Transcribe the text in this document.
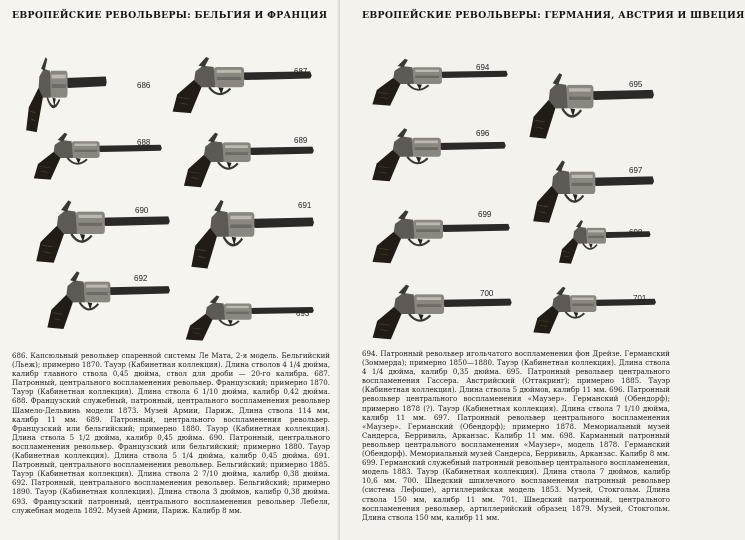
ЕВРОПЕЙСКИЕ РЕВОЛЬВЕРЫ: БЕЛЬГИЯ И ФРАНЦИЯ
686
687
688	689
690
691
692
693

686. Капсюльный револьвер спаренной системы Ле Мата, 2-я модель. Бельгийский (Льеж); примерно 1870. Тауэр (Кабинетная коллекция). Длина стволов 4 1/4 дюйма, калибр главного ствола 0,45 дюйма, ствол для дроби — 20-го калибра. 687. Патронный, центрального воспламенения револьвер. Французский; примерно 1870. Тауэр (Кабинетная коллекция). Длина ствола 6 1/10 дюйма, калибр 0,42 дюйма. 688. Французский служебный, патронный, центрального воспламенения револьвер Шамело-Дельвинь модели 1873. Музей Армии, Париж. Длина ствола 114 мм, калибр 11 мм. 689. Патронный, центрального воспламенения револьвер. Французский или бельгийский; примерно 1880. Тауэр (Кабинетная коллекция). Длина ствола 5 1/2 дюйма, калибр 0,45 дюйма. 690. Патронный, центрального воспламенения револьвер. Французский или бельгийский; примерно 1880. Тауэр (Кабинетная коллекция). Длина ствола 5 1/4 дюйма, калибр 0,45 дюйма. 691. Патронный, центрального воспламенения револьвер. Бельгийский; примерно 1885. Тауэр (Кабинетная коллекция). Длина ствола 2 7/10 дюйма, калибр 0,38 дюйма. 692. Патронный, центрального воспламенения револьвер. Бельгийский; примерно 1890. Тауэр (Кабинетная коллекция). Длина ствола 3 дюймов, калибр 0,38 дюйма. 693. Французский патронный, центрального воспламенения револьвер Лебеля, служебная модель 1892. Музей Армии, Париж. Калибр 8 мм.

ЕВРОПЕЙСКИЕ РЕВОЛЬВЕРЫ: ГЕРМАНИЯ, АВСТРИЯ И ШВЕЦИЯ
694
695
696
697
699
698
700
701

694. Патронный револьвер игольчатого воспламенения фон Дрейзе. Германский (Зоммерда); примерно 1850—1880. Тауэр (Кабинетная коллекция). Длина ствола 4 1/4 дюйма, калибр 0,35 дюйма. 695. Патронный револьвер центрального воспламенения Гассера. Австрийский (Оттакринг); примерно 1885. Тауэр (Кабинетная коллекция). Длина ствола 5 дюймов, калибр 11 мм. 696. Патронный револьвер центрального воспламенения «Маузер». Германский (Обендорф); примерно 1878 (?). Тауэр (Кабинетная коллекция). Длина ствола 7 1/10 дюйма, калибр 11 мм. 697. Патронный револьвер центрального воспламенения «Маузер». Германский (Обендорф); примерно 1878. Мемориальный музей Сандерса, Берривиль, Арканзас. Калибр 11 мм. 698. Карманный патронный револьвер центрального воспламенения «Маузер», модель 1878. Германский (Обендорф). Мемориальный музей Сандерса, Берривиль, Арканзас. Калибр 8 мм. 699. Германский служебный патронный револьвер центрального воспламенения, модель 1883. Тауэр (Кабинетная коллекция). Длина ствола 7 дюймов, калибр 10,6 мм. 700. Шведский шпилечного воспламенения патронный револьвер (система Лефоше), артиллерийская модель 1853. Музей, Стокгольм. Длина ствола 150 мм, калибр 11 мм. 701. Шведский патронный, центрального воспламенения револьвер, артиллерийский образец 1879. Музей, Стокгольм. Длина ствола 150 мм, калибр 11 мм.
